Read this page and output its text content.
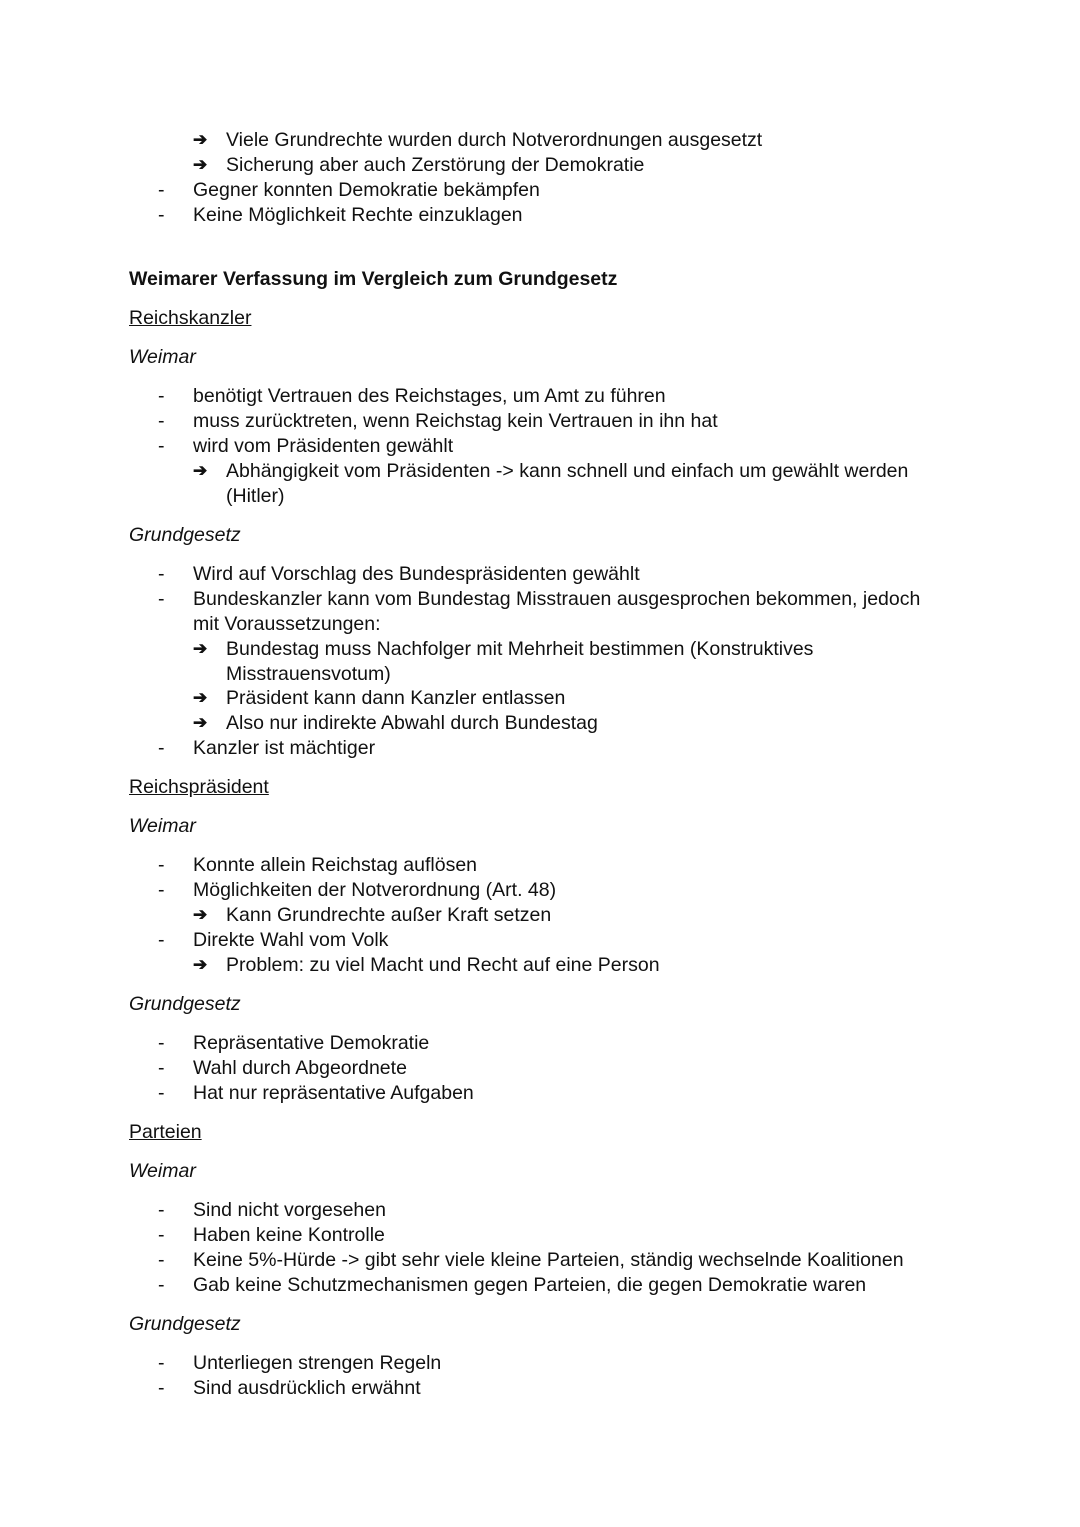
➔ Viele Grundrechte wurden durch Notverordnungen ausgesetzt
➔ Sicherung aber auch Zerstörung der Demokratie
- Gegner konnten Demokratie bekämpfen
- Keine Möglichkeit Rechte einzuklagen
Weimarer Verfassung im Vergleich zum Grundgesetz
Reichskanzler
Weimar
- benötigt Vertrauen des Reichstages, um Amt zu führen
- muss zurücktreten, wenn Reichstag kein Vertrauen in ihn hat
- wird vom Präsidenten gewählt
➔ Abhängigkeit vom Präsidenten -> kann schnell und einfach um gewählt werden
(Hitler)
Grundgesetz
- Wird auf Vorschlag des Bundespräsidenten gewählt
- Bundeskanzler kann vom Bundestag Misstrauen ausgesprochen bekommen, jedoch
mit Voraussetzungen:
➔ Bundestag muss Nachfolger mit Mehrheit bestimmen (Konstruktives
Misstrauensvotum)
➔ Präsident kann dann Kanzler entlassen
➔ Also nur indirekte Abwahl durch Bundestag
- Kanzler ist mächtiger
Reichspräsident
Weimar
- Konnte allein Reichstag auflösen
- Möglichkeiten der Notverordnung (Art. 48)
➔ Kann Grundrechte außer Kraft setzen
- Direkte Wahl vom Volk
➔ Problem: zu viel Macht und Recht auf eine Person
Grundgesetz
- Repräsentative Demokratie
- Wahl durch Abgeordnete
- Hat nur repräsentative Aufgaben
Parteien
Weimar
- Sind nicht vorgesehen
- Haben keine Kontrolle
- Keine 5%-Hürde -> gibt sehr viele kleine Parteien, ständig wechselnde Koalitionen
- Gab keine Schutzmechanismen gegen Parteien, die gegen Demokratie waren
Grundgesetz
- Unterliegen strengen Regeln
- Sind ausdrücklich erwähnt
